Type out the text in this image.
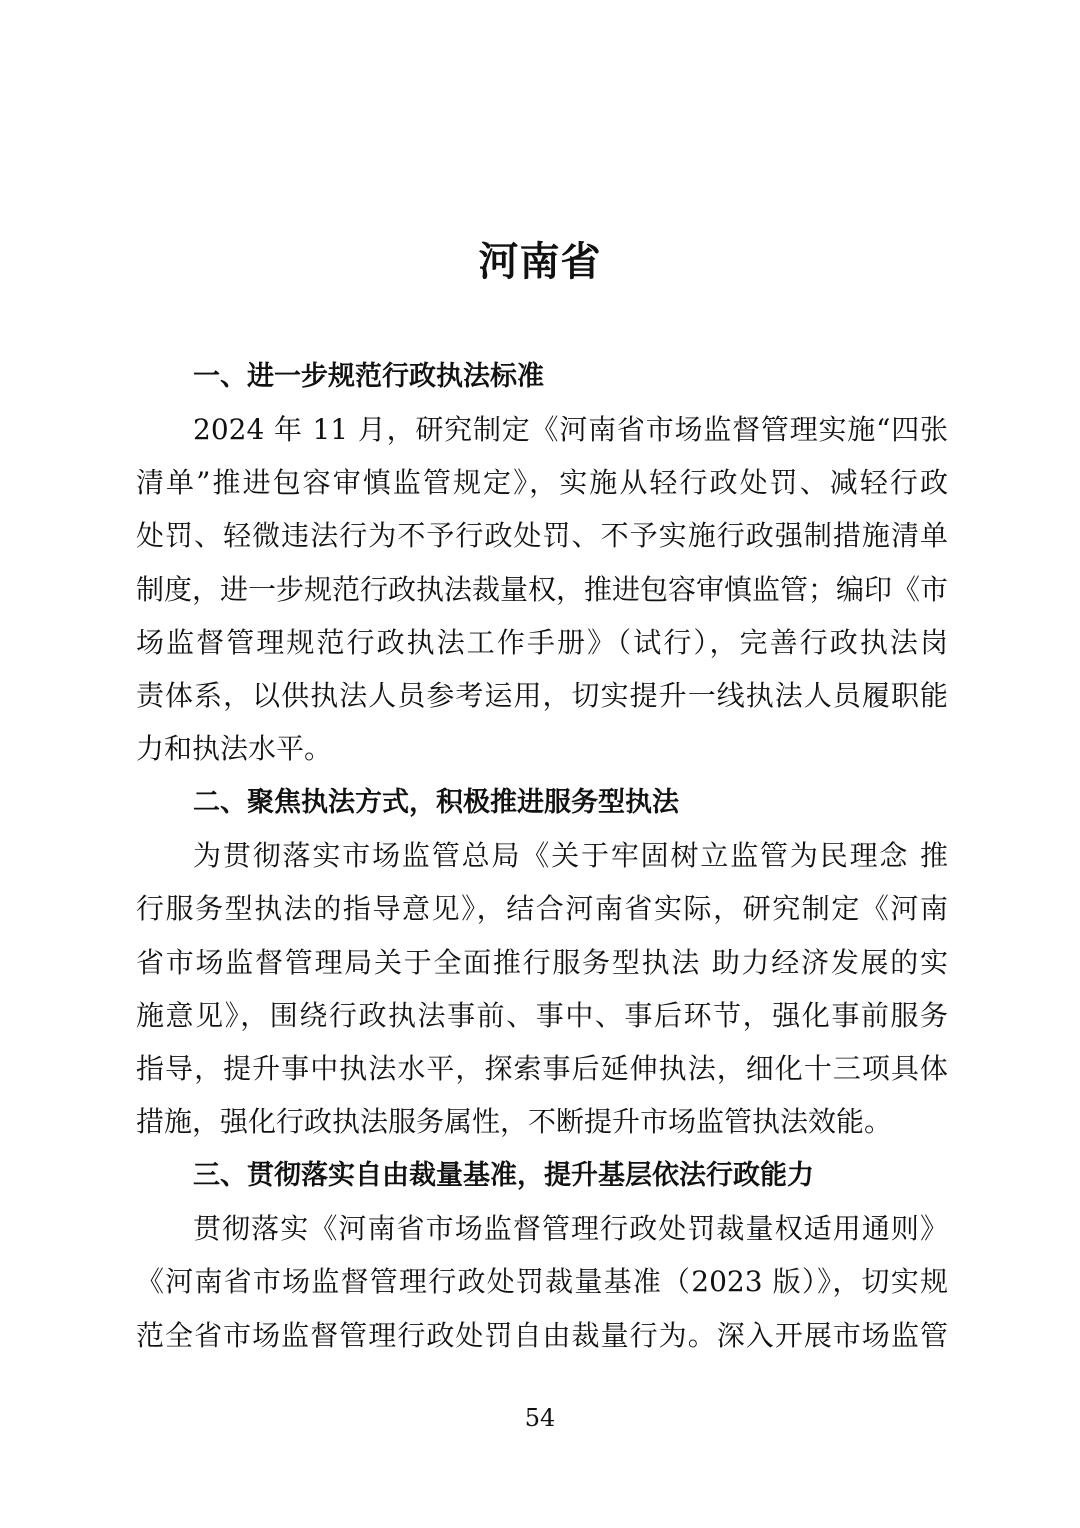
河南省

一、进一步规范行政执法标准

2024 年 11 月，研究制定《河南省市场监督管理实施“四张

清单”推进包容审慎监管规定》，实施从轻行政处罚、减轻行政

处罚、轻微违法行为不予行政处罚、不予实施行政强制措施清单

制度，进一步规范行政执法裁量权，推进包容审慎监管；编印《市

场监督管理规范行政执法工作手册》（试行），完善行政执法岗

责体系，以供执法人员参考运用，切实提升一线执法人员履职能

力和执法水平。

二、聚焦执法方式，积极推进服务型执法

为贯彻落实市场监管总局《关于牢固树立监管为民理念 推

行服务型执法的指导意见》，结合河南省实际，研究制定《河南

省市场监督管理局关于全面推行服务型执法 助力经济发展的实

施意见》，围绕行政执法事前、事中、事后环节，强化事前服务

指导，提升事中执法水平，探索事后延伸执法，细化十三项具体

措施，强化行政执法服务属性，不断提升市场监管执法效能。

三、贯彻落实自由裁量基准，提升基层依法行政能力

贯彻落实《河南省市场监督管理行政处罚裁量权适用通则》

《河南省市场监督管理行政处罚裁量基准（2023 版）》，切实规

范全省市场监督管理行政处罚自由裁量行为。深入开展市场监管

54
